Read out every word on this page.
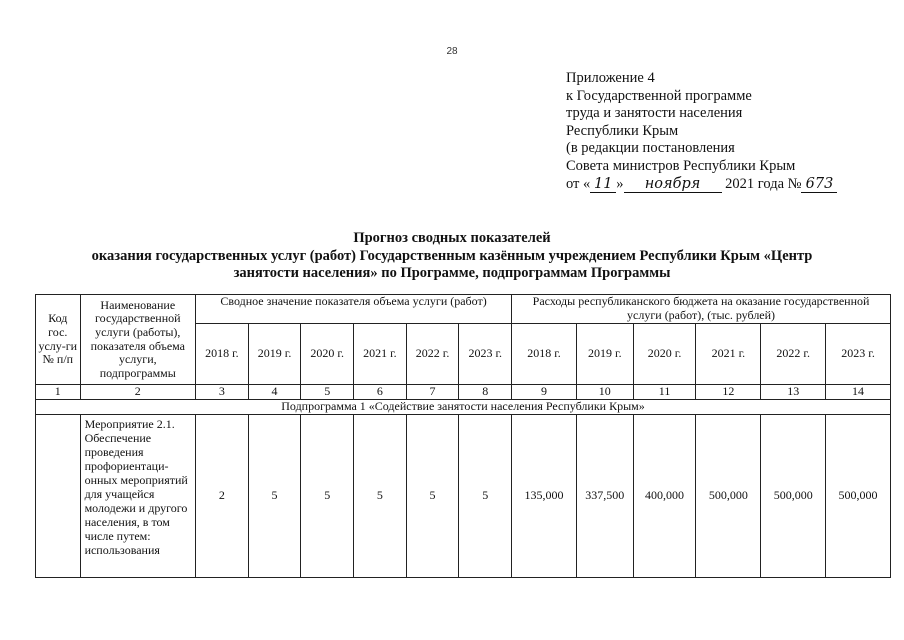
28
Приложение 4
к Государственной программе
труда и занятости населения
Республики Крым
(в редакции постановления
Совета министров Республики Крым
от « 11 » ноября 2021 года № 673
Прогноз сводных показателей
оказания государственных услуг (работ) Государственным казённым учреждением Республики Крым «Центр
занятости населения» по Программе, подпрограммам Программы
Код гос. услу-ги № п/п	Наименование государственной услуги (работы), показателя объема услуги, подпрограммы	Сводное значение показателя объема услуги (работ)						Расходы республиканского бюджета на оказание государственной услуги (работ), (тыс. рублей)					
		2018 г.	2019 г.	2020 г.	2021 г.	2022 г.	2023 г.	2018 г.	2019 г.	2020 г.	2021 г.	2022 г.	2023 г.
1	2	3	4	5	6	7	8	9	10	11	12	13	14
Подпрограмма 1 «Содействие занятости населения Республики Крым»													
	Мероприятие 2.1. Обеспечение проведения профориентаци-онных мероприятий для учащейся молодежи и другого населения, в том числе путем: использования	2	5	5	5	5	5	135,000	337,500	400,000	500,000	500,000	500,000
